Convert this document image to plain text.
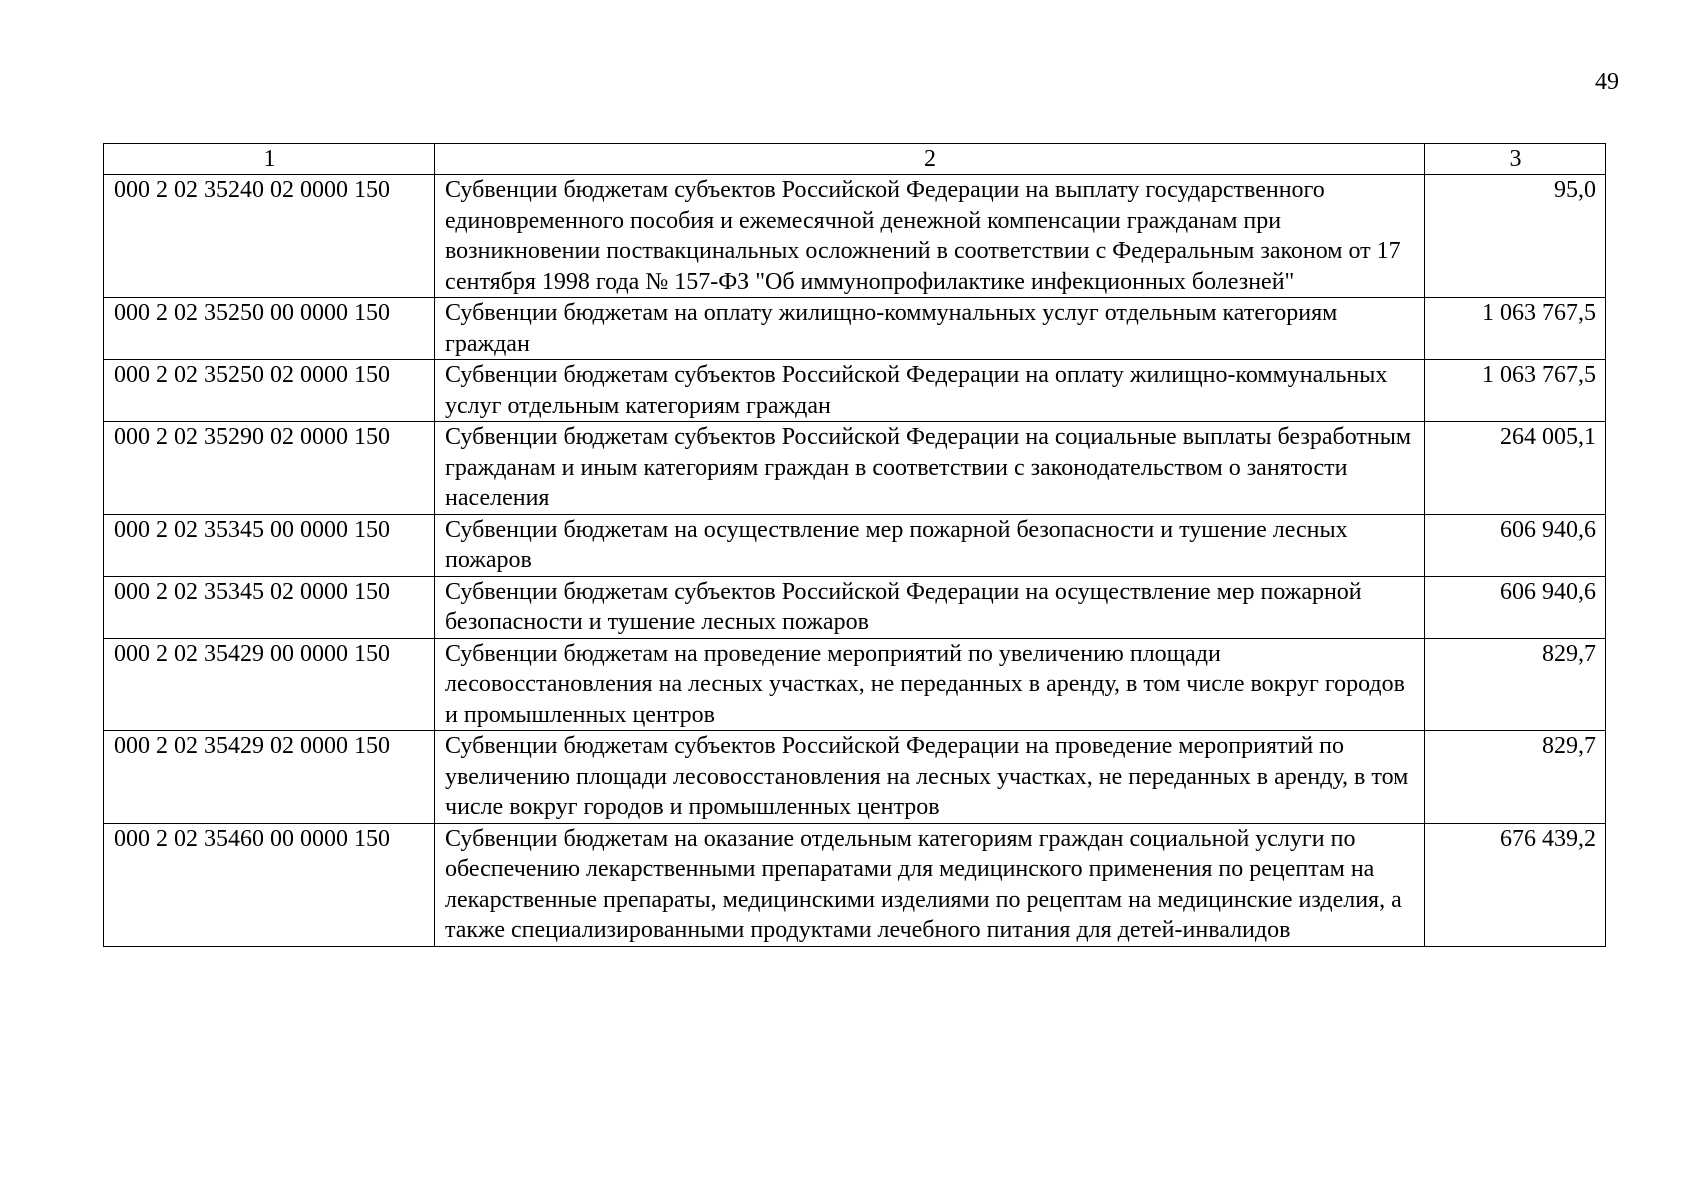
49
1	2	3
000 2 02 35240 02 0000 150	Субвенции бюджетам субъектов Российской Федерации на выплату государственного единовременного пособия и ежемесячной денежной компенсации гражданам при возникновении поствакцинальных осложнений в соответствии с Федеральным законом от 17 сентября 1998 года № 157-ФЗ "Об иммунопрофилактике инфекционных болезней"	95,0
000 2 02 35250 00 0000 150	Субвенции бюджетам на оплату жилищно-коммунальных услуг отдельным категориям граждан	1 063 767,5
000 2 02 35250 02 0000 150	Субвенции бюджетам субъектов Российской Федерации на оплату жилищно-коммунальных услуг отдельным категориям граждан	1 063 767,5
000 2 02 35290 02 0000 150	Субвенции бюджетам субъектов Российской Федерации на социальные выплаты безработным гражданам и иным категориям граждан в соответствии с законодательством о занятости населения	264 005,1
000 2 02 35345 00 0000 150	Субвенции бюджетам на осуществление мер пожарной безопасности и тушение лесных пожаров	606 940,6
000 2 02 35345 02 0000 150	Субвенции бюджетам субъектов Российской Федерации на осуществление мер пожарной безопасности и тушение лесных пожаров	606 940,6
000 2 02 35429 00 0000 150	Субвенции бюджетам на проведение мероприятий по увеличению площади лесовосстановления на лесных участках, не переданных в аренду, в том числе вокруг городов и промышленных центров	829,7
000 2 02 35429 02 0000 150	Субвенции бюджетам субъектов Российской Федерации на проведение мероприятий по увеличению площади лесовосстановления на лесных участках, не переданных в аренду, в том числе вокруг городов и промышленных центров	829,7
000 2 02 35460 00 0000 150	Субвенции бюджетам на оказание отдельным категориям граждан социальной услуги по обеспечению лекарственными препаратами для медицинского применения по рецептам на лекарственные препараты, медицинскими изделиями по рецептам на медицинские изделия, а также специализированными продуктами лечебного питания для детей-инвалидов	676 439,2
